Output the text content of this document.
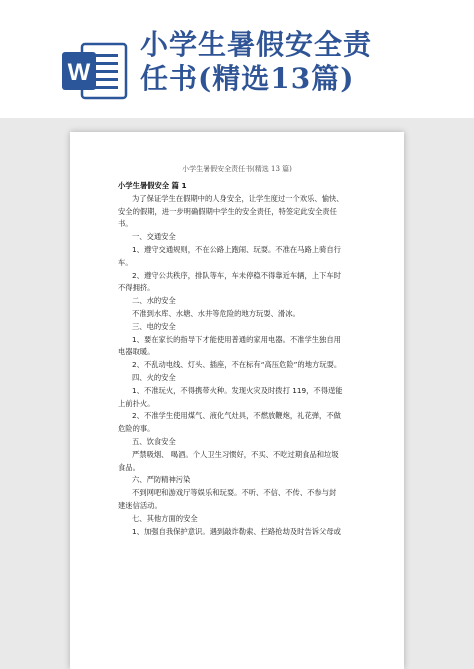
W
小学生暑假安全责
任书(精选13篇)
小学生暑假安全责任书(精选 13 篇)

小学生暑假安全 篇 1

为了保证学生在假期中的人身安全，让学生度过一个欢乐、愉快、

安全的假期，进一步明确假期中学生的安全责任，特签定此安全责任

书。

一、交通安全

1、遵守交通规则，不在公路上跑闹、玩耍。不准在马路上骑自行

车。

2、遵守公共秩序，排队等车，车未停稳不得靠近车辆，上下车时

不得拥挤。

二、水的安全

不准到水库、水塘、水井等危险的地方玩耍、滑冰。

三、电的安全

1、要在家长的指导下才能使用普通的家用电器。不准学生独自用

电器取暖。

2、不乱动电线、灯头、插座，不在标有“高压危险”的地方玩耍。

四、火的安全

1、不准玩火，不得携带火种。发现火灾及时拨打 119，不得逞能

上前扑火。

2、不准学生使用煤气、液化气灶具，不燃放鞭炮，礼花弹，不做

危险的事。

五、饮食安全

严禁吸烟、 喝酒。个人卫生习惯好，不买、不吃过期食品和垃圾

食品。

六、严防精神污染

不到网吧和游戏厅等娱乐和玩耍。不听、不信、不传、不参与封

建迷信活动。

七、其他方面的安全

1、加强自我保护意识。遇到敲诈勒索、拦路抢劫及时告诉父母或
